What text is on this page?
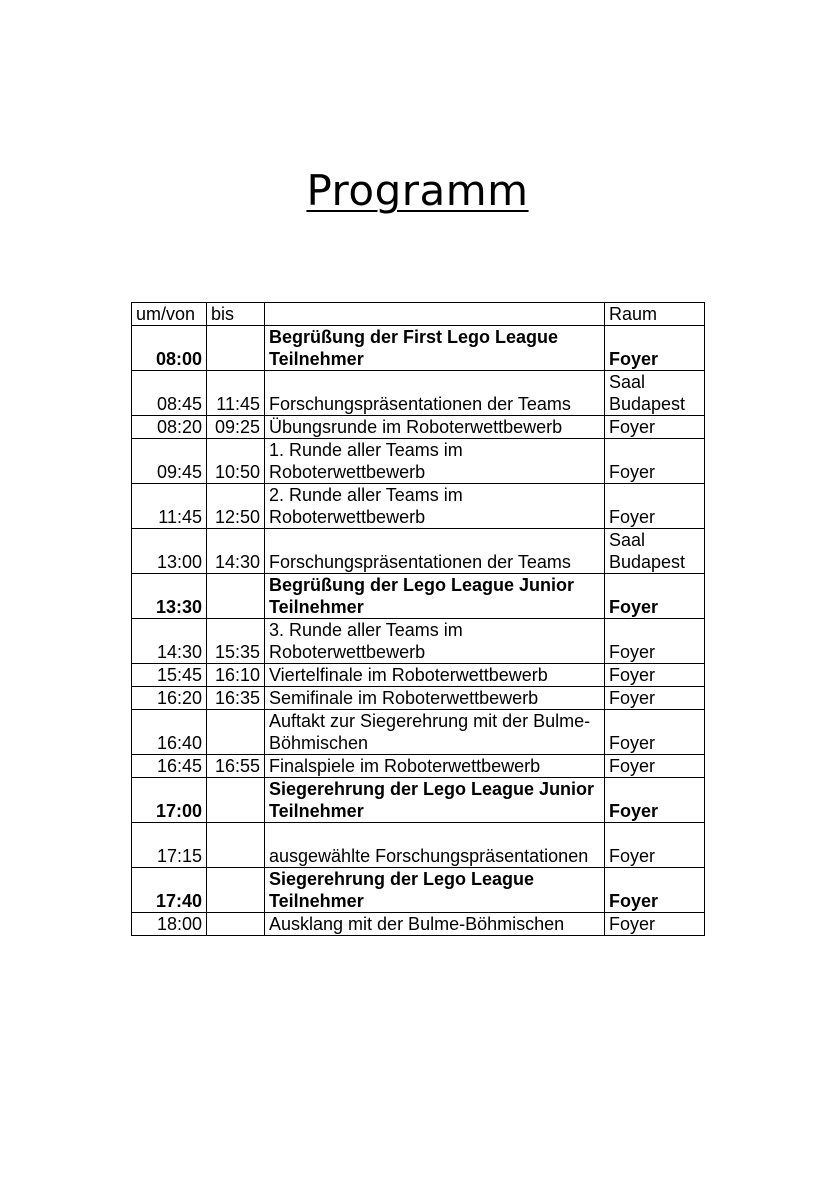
Programm
um/von	bis		Raum
08:00		Begrüßung der First Lego League Teilnehmer	Foyer
08:45	11:45	Forschungspräsentationen der Teams	Saal Budapest
08:20	09:25	Übungsrunde im Roboterwettbewerb	Foyer
09:45	10:50	1. Runde aller Teams im Roboterwettbewerb	Foyer
11:45	12:50	2. Runde aller Teams im Roboterwettbewerb	Foyer
13:00	14:30	Forschungspräsentationen der Teams	Saal Budapest
13:30		Begrüßung der Lego League Junior Teilnehmer	Foyer
14:30	15:35	3. Runde aller Teams im Roboterwettbewerb	Foyer
15:45	16:10	Viertelfinale im Roboterwettbewerb	Foyer
16:20	16:35	Semifinale im Roboterwettbewerb	Foyer
16:40		Auftakt zur Siegerehrung mit der Bulme-Böhmischen	Foyer
16:45	16:55	Finalspiele im Roboterwettbewerb	Foyer
17:00		Siegerehrung der Lego League Junior Teilnehmer	Foyer
17:15		ausgewählte Forschungspräsentationen	Foyer
17:40		Siegerehrung der Lego League Teilnehmer	Foyer
18:00		Ausklang mit der Bulme-Böhmischen	Foyer
